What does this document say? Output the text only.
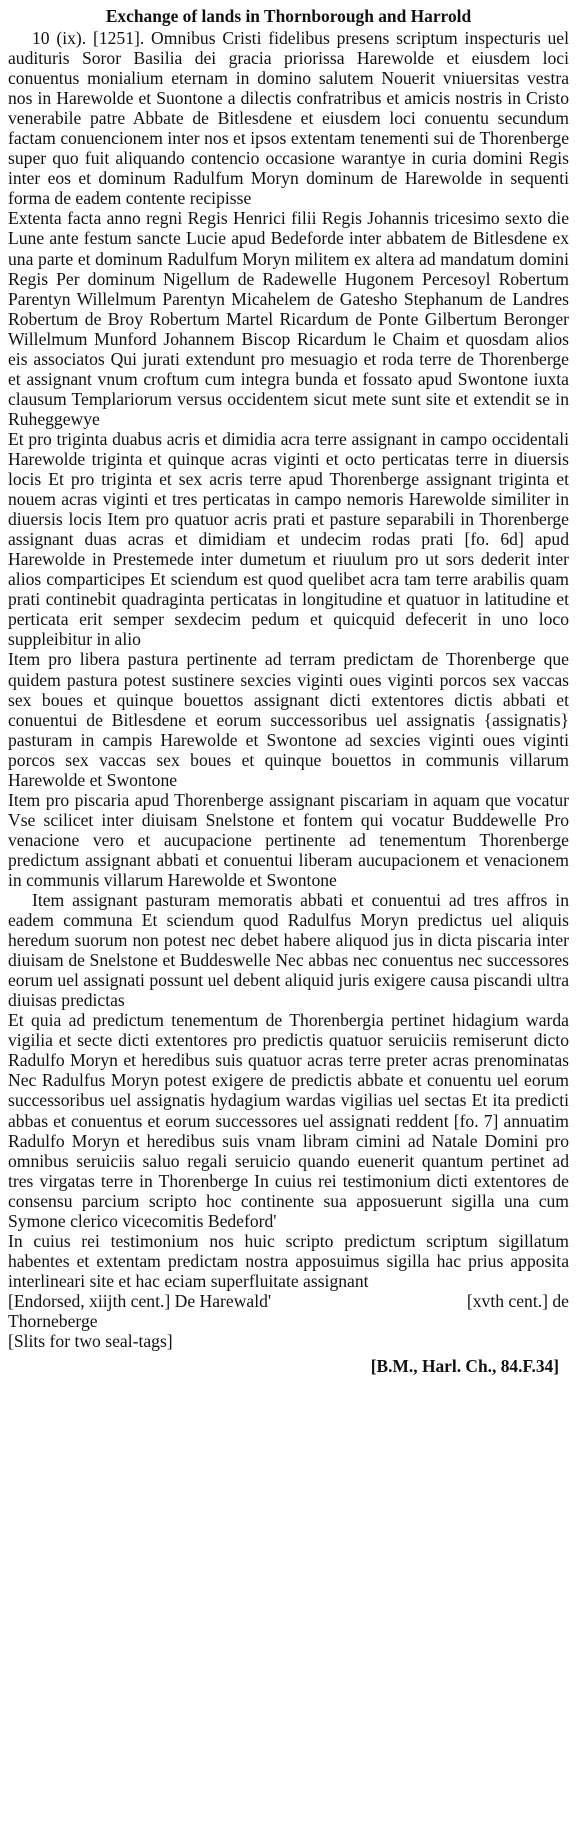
Exchange of lands in Thornborough and Harrold

10 (ix). [1251]. Omnibus Cristi fidelibus presens scriptum inspecturis uel audituris Soror Basilia dei gracia priorissa Harewolde et eiusdem loci conuentus monialium eternam in domino salutem Nouerit vniuersitas vestra nos in Harewolde et Suontone a dilectis confratribus et amicis nostris in Cristo venerabile patre Abbate de Bitlesdene et eiusdem loci conuentu secundum factam conuencionem inter nos et ipsos extentam tenementi sui de Thorenberge super quo fuit aliquando contencio occasione warantye in curia domini Regis inter eos et dominum Radulfum Moryn dominum de Harewolde in sequenti forma de eadem contente recipisse

Extenta facta anno regni Regis Henrici filii Regis Johannis tricesimo sexto die Lune ante festum sancte Lucie apud Bedeforde inter abbatem de Bitlesdene ex una parte et dominum Radulfum Moryn militem ex altera ad mandatum domini Regis Per dominum Nigellum de Radewelle Hugonem Percesoyl Robertum Parentyn Willelmum Parentyn Micahelem de Gatesho Stephanum de Landres Robertum de Broy Robertum Martel Ricardum de Ponte Gilbertum Beronger Willelmum Munford Johannem Biscop Ricardum le Chaim et quosdam alios eis associatos Qui jurati extendunt pro mesuagio et roda terre de Thorenberge et assignant vnum croftum cum integra bunda et fossato apud Swontone iuxta clausum Templariorum versus occidentem sicut mete sunt site et extendit se in Ruheggewye

Et pro triginta duabus acris et dimidia acra terre assignant in campo occidentali Harewolde triginta et quinque acras viginti et octo perticatas terre in diuersis locis Et pro triginta et sex acris terre apud Thorenberge assignant triginta et nouem acras viginti et tres perticatas in campo nemoris Harewolde similiter in diuersis locis Item pro quatuor acris prati et pasture separabili in Thorenberge assignant duas acras et dimidiam et undecim rodas prati [fo. 6d] apud Harewolde in Prestemede inter dumetum et riuulum pro ut sors dederit inter alios comparticipes Et sciendum est quod quelibet acra tam terre arabilis quam prati continebit quadraginta perticatas in longitudine et quatuor in latitudine et perticata erit semper sexdecim pedum et quicquid defecerit in uno loco suppleibitur in alio

Item pro libera pastura pertinente ad terram predictam de Thorenberge que quidem pastura potest sustinere sexcies viginti oues viginti porcos sex vaccas sex boues et quinque bouettos assignant dicti extentores dictis abbati et conuentui de Bitlesdene et eorum successoribus uel assignatis {assignatis} pasturam in campis Harewolde et Swontone ad sexcies viginti oues viginti porcos sex vaccas sex boues et quinque bouettos in communis villarum Harewolde et Swontone

Item pro piscaria apud Thorenberge assignant piscariam in aquam que vocatur Vse scilicet inter diuisam Snelstone et fontem qui vocatur Buddewelle Pro venacione vero et aucupacione pertinente ad tenementum Thorenberge predictum assignant abbati et conuentui liberam aucupacionem et venacionem in communis villarum Harewolde et Swontone

Item assignant pasturam memoratis abbati et conuentui ad tres affros in eadem communa Et sciendum quod Radulfus Moryn predictus uel aliquis heredum suorum non potest nec debet habere aliquod jus in dicta piscaria inter diuisam de Snelstone et Buddeswelle Nec abbas nec conuentus nec successores eorum uel assignati possunt uel debent aliquid juris exigere causa piscandi ultra diuisas predictas

Et quia ad predictum tenementum de Thorenbergia pertinet hidagium warda vigilia et secte dicti extentores pro predictis quatuor seruiciis remiserunt dicto Radulfo Moryn et heredibus suis quatuor acras terre preter acras prenominatas Nec Radulfus Moryn potest exigere de predictis abbate et conuentu uel eorum successoribus uel assignatis hydagium wardas vigilias uel sectas Et ita predicti abbas et conuentus et eorum successores uel assignati reddent [fo. 7] annuatim Radulfo Moryn et heredibus suis vnam libram cimini ad Natale Domini pro omnibus seruiciis saluo regali seruicio quando euenerit quantum pertinet ad tres virgatas terre in Thorenberge In cuius rei testimonium dicti extentores de consensu parcium scripto hoc continente sua apposuerunt sigilla una cum Symone clerico vicecomitis Bedeford'

In cuius rei testimonium nos huic scripto predictum scriptum sigillatum habentes et extentam predictam nostra apposuimus sigilla hac prius apposita interlineari site et hac eciam superfluitate assignant

[Endorsed, xiijth cent.] De Harewald'	[xvth cent.] de

Thorneberge

[Slits for two seal-tags]

[B.M., Harl. Ch., 84.F.34]
